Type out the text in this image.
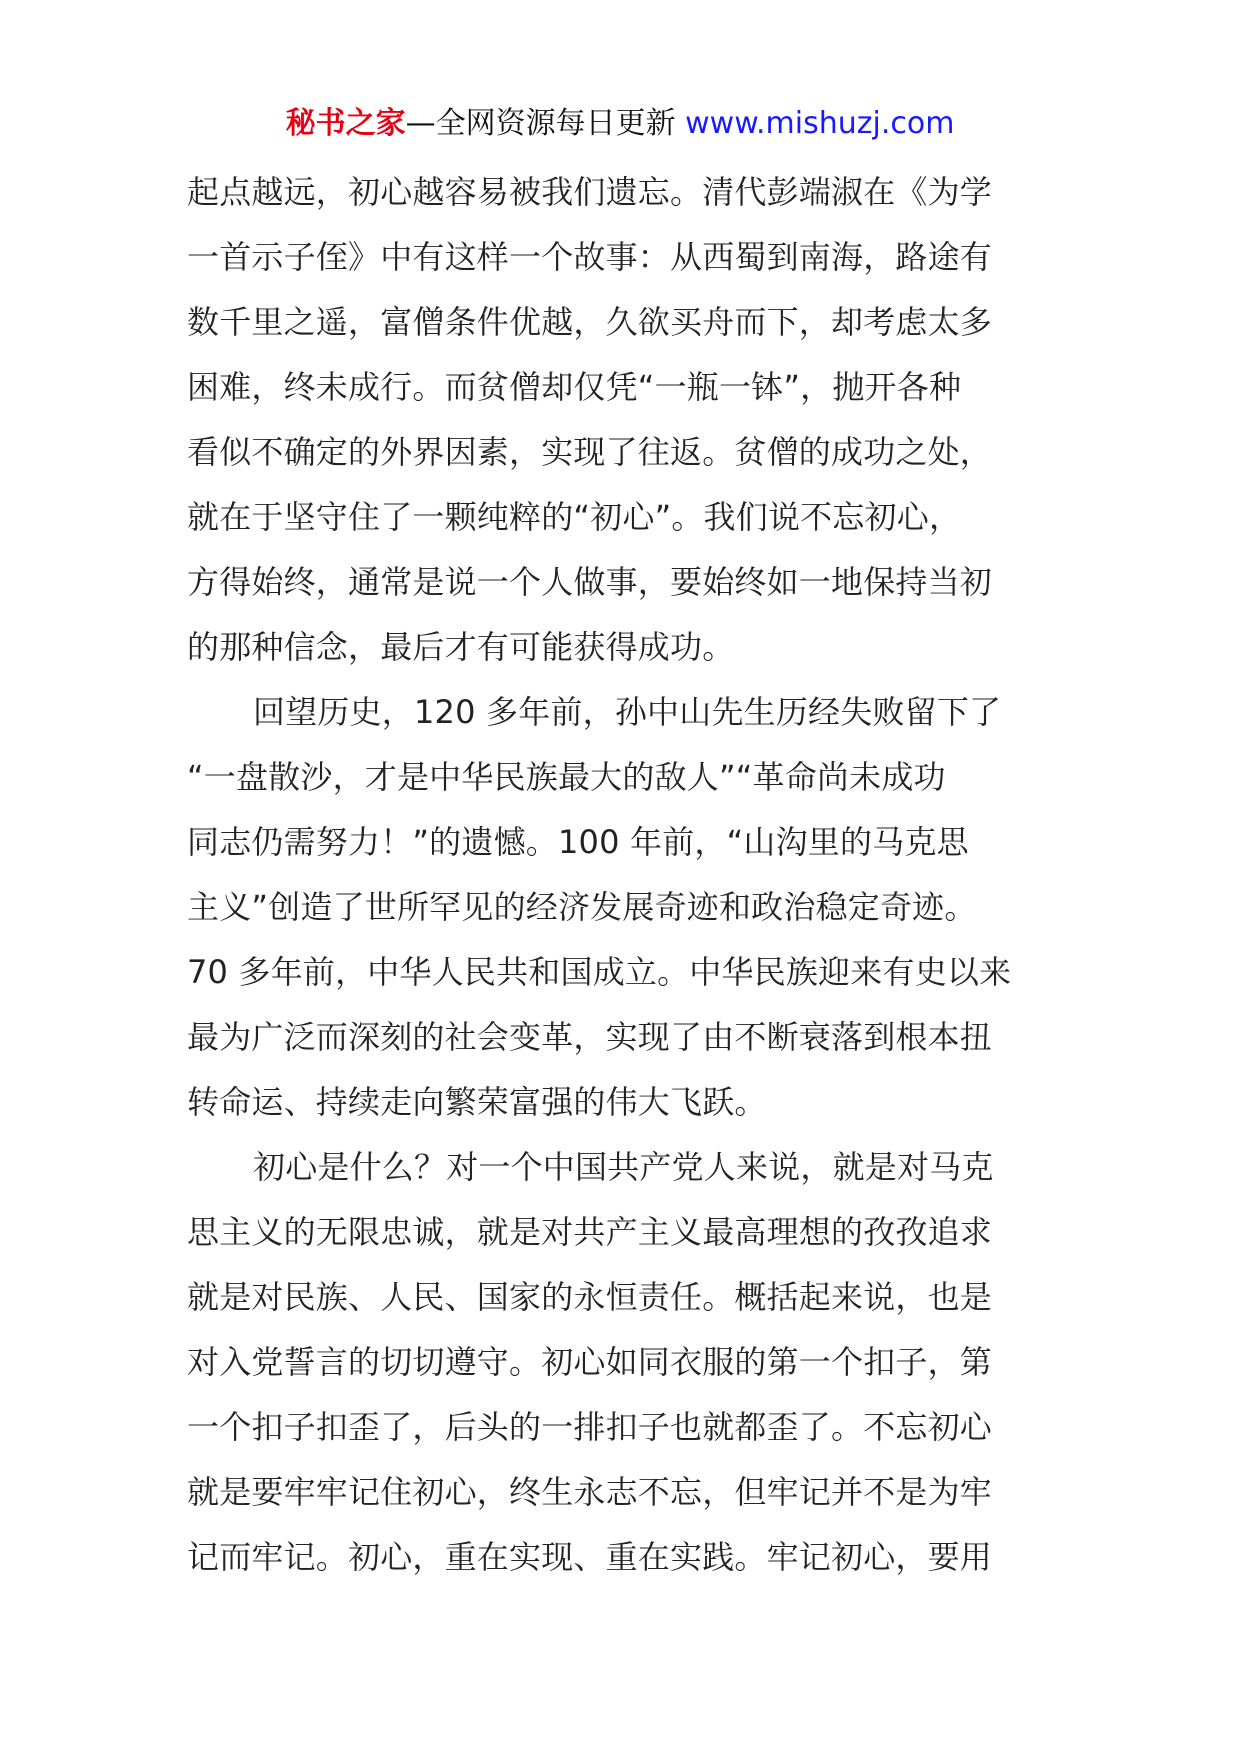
秘书之家—全网资源每日更新 www.mishuzj.com
起点越远，初心越容易被我们遗忘。清代彭端淑在《为学
一首示子侄》中有这样一个故事：从西蜀到南海，路途有
数千里之遥，富僧条件优越，久欲买舟而下，却考虑太多
困难，终未成行。而贫僧却仅凭“一瓶一钵”，抛开各种
看似不确定的外界因素，实现了往返。贫僧的成功之处，
就在于坚守住了一颗纯粹的“初心”。我们说不忘初心，
方得始终，通常是说一个人做事，要始终如一地保持当初
的那种信念，最后才有可能获得成功。
回望历史，120 多年前，孙中山先生历经失败留下了
“一盘散沙，才是中华民族最大的敌人”“革命尚未成功
同志仍需努力！”的遗憾。100 年前，“山沟里的马克思
主义”创造了世所罕见的经济发展奇迹和政治稳定奇迹。
70 多年前，中华人民共和国成立。中华民族迎来有史以来
最为广泛而深刻的社会变革，实现了由不断衰落到根本扭
转命运、持续走向繁荣富强的伟大飞跃。
初心是什么？对一个中国共产党人来说，就是对马克
思主义的无限忠诚，就是对共产主义最高理想的孜孜追求
就是对民族、人民、国家的永恒责任。概括起来说，也是
对入党誓言的切切遵守。初心如同衣服的第一个扣子，第
一个扣子扣歪了，后头的一排扣子也就都歪了。不忘初心
就是要牢牢记住初心，终生永志不忘，但牢记并不是为牢
记而牢记。初心，重在实现、重在实践。牢记初心，要用
